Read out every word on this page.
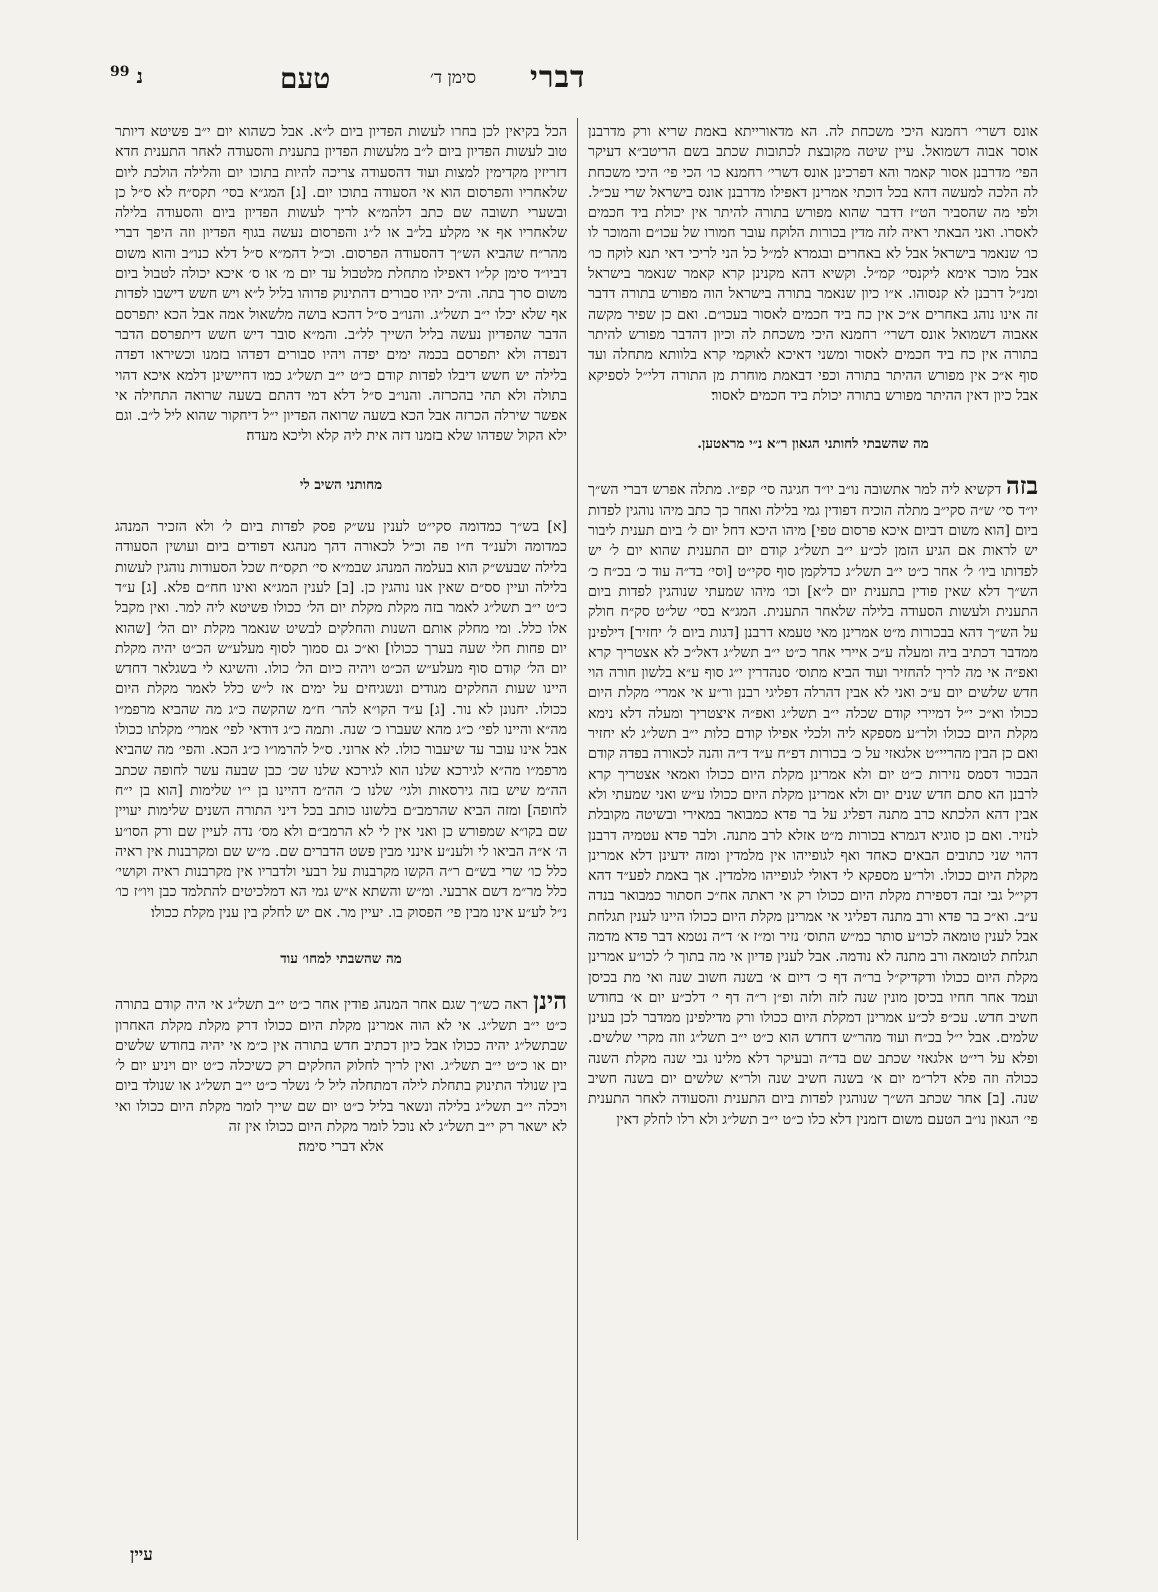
דברי
סימן ד׳
טעם
$^{99}$ נ

אונס דשרי׳ רחמנא היכי משכחת לה. הא מדאורייתא באמת שריא ורק מדרבנן אוסר אבוה דשמואל. עיין שיטה מקובצת לכתובות שכתב בשם הריטב״א דעיקר הפי׳ מדרבנן אסור קאמר והא דפרכינן אונס דשרי׳ רחמנא כו׳ הכי פי׳ היכי משכחת לה הלכה למעשה דהא בכל דוכתי אמרינן דאפילו מדרבנן אונס בישראל שרי עכ״ל. ולפי מה שהסביר הט״ז דדבר שהוא מפורש בתורה להיתר אין יכולת ביד חכמים לאסרו. ואני הבאתי ראיה לזה מדין בכורות הלוקח עובר חמורו של עכו״ם והמוכר לו כו׳ שנאמר בישראל אבל לא באחרים ובגמרא למ״ל כל הני לריכי דאי תנא לוקח כו׳ אבל מוכר אימא ליקנסי׳ קמ״ל. וקשיא דהא מקנינן קרא קאמר שנאמר בישראל ומנ״ל דרבנן לא קנסוהו. א״ו כיון שנאמר בתורה בישראל הוה מפורש בתורה דדבר זה אינו נוהג באחרים א״כ אין כח ביד חכמים לאסור בעכו״ם. ואם כן שפיר מקשה אאבוה דשמואל אונס דשרי׳ רחמנא היכי משכחת לה וכיון דהדבר מפורש להיתר בתורה אין כח ביד חכמים לאסור ומשני דאיכא לאוקמי קרא בלוותא מתחלה ועד סוף א״כ אין מפורש ההיתר בתורה וכפי דבאמת מוחרת מן התורה דלי״ל לספיקא אבל כיון דאין ההיתר מפורש בתורה יכולת ביד חכמים לאסור׃

מה שהשבתי לחותני הגאון ר״א נ״י מראטען.

בזה דקשיא ליה למר אתשובה נו״ב יו״ד חגיגה סי׳ קפ״ו. מתלה אפרש דברי הש״ך יו״ד סי׳ ש״ה סקי״ב מתלה הוכיח דפודין גמי בלילה ואחר כך כתב מיהו נוהגין לפדות ביום [הוא משום דביום איכא פרסום טפי] מיהו היכא דחל יום ל׳ ביום תענית ליבור יש לראות אם הגיע הזמן לכ״ע י״ב תשל״ג קודם יום התענית שהוא יום ל׳ יש לפדותו ביו׳ ל׳ אחר כ״ט י״ב תשל״ג כדלקמן סוף סקי״ט [וסי׳ בד״ה עוד כ׳ בכ״ח כ׳ הש״ך דלא שאין פודין בתענית יום ל״א] וכו׳ מיהו שמעתי שנוהגין לפדות ביום התענית ולעשות הסעודה בלילה שלאחר התענית. המג״א בסי׳ של״ט סק״ח חולק על הש״ך דהא בבכורות מ״ט אמרינן מאי טעמא דרבנן [דגות ביום ל׳ יחזיר] דילפינן ממדבר דכתיב ביה ומעלה ע״כ איירי אחר כ״ט י״ב תשל״ג דאל״כ לא אצטריך קרא ואפ״ה אי מה לריך להחזיר ועוד הביא מתוס׳ סנהדרין י״ג סוף ע״א בלשון חורה הוי חדש שלשים יום ע״כ ואני לא אבין דהרלה דפליגי רבנן ור״ע אי אמרי׳ מקלת היום ככולו וא״כ י״ל דמיירי קודם שכלה י״ב תשל״ג ואפ״ה איצטריך ומעלה דלא נימא מקלת היום ככולו ולר״ע מספקא ליה ולכלי אפילו קודם כלות י״ב תשל״ג לא יחזיר ואם כן הבין מהריי״ט אלגאזי על כ׳ בכורות דפ״ח ע״ד ד״ה והנה לכאורה בפדה קודם הבכור דסמס נזירות כ״ט יום ולא אמרינן מקלת היום ככולו ואמאי אצטריך קרא לרבנן הא סתם חדש שנים יום ולא אמרינן מקלת היום ככולו ע״ש ואני שמעתי ולא אבין דהא הלכתא כרב מתנה דפליג על בר פדא כמבואר במאירי ובשיטה מקובלת לנזיר. ואם כן סוגיא דגמרא בכורות מ״ט אזלא לרב מתנה. ולבר פדא עטמיה דרבנן דהוי שני כתובים הבאים כאחד ואף לגופייהו אין מלמדין ומזה ידעינן דלא אמרינן מקלת היום ככולו. ולר״ע מספקא לי דאולי לגופייהו מלמדין. אך באמת לפע״ד דהא דקי״ל גבי זבה דספירת מקלת היום ככולו רק אי ראתה אח״כ חסתור כמבואר בנדה ע״ב. וא״כ בר פדא ורב מתנה דפליגי אי אמרינן מקלת היום ככולו היינו לענין תגלחת אבל לענין טומאה לכו״ע סותר כמ״ש התוס׳ נזיר ומ״ז א׳ ד״ה נטמא דבר פדא מדמה תגלחת לטומאה ורב מתנה לא נודמה. אבל לענין פדיון אי מה בתוך ל׳ לכו״ע אמרינן מקלת היום ככולו ודקדיק״ל בר״ה דף כ׳ דיום א׳ בשנה חשוב שנה ואי מת בכיסן ועמד אחר חחיו בכיסן מונין שנה לזה ולזה ופ״ן ר״ה דף י׳ דלכ״ע יום א׳ בחודש חשיב חדש. עכ״פ לכ״ע אמרינן דמקלת היום ככולו ורק מדילפינן ממדבר לכן בעינן שלמים. אבל י״ל בכ״ח ועוד מהר״ש דחדש הוא כ״ט י״ב תשל״ג וזה מקרי שלשים. ופלא על רי״ט אלגאזי שכתב שם בד״ה ובעיקר דלא מלינו גבי שנה מקלת השנה ככולה וזה פלא דלר״מ יום א׳ בשנה חשיב שנה ולר״א שלשים יום בשנה חשיב שנה. [ב] אחר שכתב הש״ך שנוהגין לפדות ביום התענית והסעודה לאחר התענית פי׳ הגאון נו״ב הטעם משום דזמנין דלא כלו כ״ט י״ב תשל״ג ולא רלו לחלק דאין

הכל בקיאין לכן בחרו לעשות הפדיון ביום ל״א. אבל כשהוא יום י״ב פשיטא דיותר טוב לעשות הפדיון ביום ל״ב מלעשות הפדיון בתענית והסעודה לאחר התענית חדא דזריזין מקדימין למצות ועוד דהסעודה צריכה להיות בתוכו יום והלילה הולכת ליום שלאחריו והפרסום הוא אי הסעודה בתוכו יום. [ג] המג״א בסי׳ תקס״ח לא ס״ל כן ובשערי תשובה שם כתב דלהמ״א לריך לעשות הפדיון ביום והסעודה בלילה שלאחריו אף אי מקלע בל״ב או ל״ג והפרסום נעשה בגוף הפדיון וזה היפך דברי מהר״ח שהביא הש״ך דהסעודה הפרסום. וכ״ל דהמ״א ס״ל דלא כנו״ב והוא משום דביו״ד סימן קל״ו דאפילו מתחלת מלטבול עד יום מ׳ או ס׳ איכא יכולה לטבול ביום משום סרך בתה. וה״כ יהיו סבורים דהתינוק פדוהו בליל ל״א ויש חשש דישבו לפדות אף שלא יכלו י״ב תשל״ג. והנו״ב ס״ל דהכא בושה מלשאול אמה אבל הכא יתפרסם הדבר שהפדיון נעשה בליל השייך לל״ב. והמ״א סובר דיש חשש דיתפרסם הדבר דנפדה ולא יתפרסם בכמה ימים יפדה ויהיו סבורים דפדהו בזמנו וכשיראו דפדה בלילה יש חשש דיבלו לפדות קודם כ״ט י״ב תשל״ג כמו דחיישינן דלמא איכא דהוי בתולה ולא תהי בהכרזה. והנו״ב ס״ל דלא דמי דהתם בשעה שרואה התחילה אי אפשר שירלה הכרזה אבל הכא בשעה שרואה הפדיון י״ל דיחקור שהוא ליל ל״ב. וגם ילא הקול שפדהו שלא בזמנו דזה אית ליה קלא וליכא מעדה׃

מחותני השיב לי

[א] בש״ך כמדומה סקי״ט לענין עש״ק פסק לפדות ביום ל׳ ולא הזכיר המנהג כמדומה ולענ״ד ח״ו פה וכ״ל לכאורה דהך מנהגא דפודים ביום ועושין הסעודה בלילה שבעש״ק הוא בעלמה המנהג שבמ״א סי׳ תקס״ח שכל הסעודות נוהגין לעשות בלילה ועיין סס״ם שאין אנו נוהגין כן. [ב] לענין המג״א ואינו חח״ם פלא. [ג] ע״ד כ״ט י״ב תשל״ג לאמר בזה מקלת מקלת יום הל׳ ככולו פשיטא ליה למר. ואין מקבל אלו כלל. ומי מחלק אותם השנות והחלקים לבשיט שנאמר מקלת יום הל׳ [שהוא יום פחות חלי שעה בערך ככולו] וא״כ גם סמוך לסוף מעלע״ש הכ״ט יהיה מקלת יום הל׳ קודם סוף מעלע״ש הכ״ט ויהיה כיום הל׳ כולו. והשיגא לי בשגלאר דחדש היינו שעות החלקים מגודים ונשגיחים על ימים אז ל״ש כלל לאמר מקלת היום ככולו. יחנונן לא נור. [ג] ע״ד הקו״א להר׳ ח״מ שהקשה כ״ג מה שהביא מרפמ״ו מה״א והיינו לפי׳ כ״ג מהא שעברו כ׳ שנה. ותמה כ״ג דודאי לפי׳ אמרי׳ מקלתו ככולו אבל אינו עובר עד שיעבור כולו. לא ארוני. ס״ל להרמו״ו כ״ג הכא. והפי׳ מה שהביא מרפמ״ו מה״א לגירכא שלנו הוא לגירכא שלנו שכ׳ כבן שבעה עשר לחופה שכתב הה״מ שיש בזה גירסאות ולגי׳ שלנו כ׳ הה״מ דהיינו בן י״ו שלימות [הוא בן י״ח לחופה] ומזה הביא שהרמב״ם בלשונו כותב בכל דיני התורה השנים שלימות יעויין שם בקו״א שמפורש כן ואני אין לי לא הרמב״ם ולא מס׳ נדה לעיין שם ורק הסו״ע ה׳ א״ה הביאו לי ולענ״ע אינני מבין פשט הדברים שם. מ״ש שם ומקרבנות אין ראיה כלל כו׳ שרי בש״ם ר״ה הקשו מקרבנות על רבעי ולדבריו אין מקרבנות ראיה וקושי׳ כלל מר״מ דשם ארבעי. ומ״ש והשתא א״ש גמי הא דמלכיטים להתלמד כבן ויו״ז כו׳ נ״ל לע״ע אינו מבין פי׳ הפסוק בו. יעיין מר. אם יש לחלק בין ענין מקלת ככולו׃

מה שהשבתי למחו׳ עוד

הינן ראה כש״ך שגם אחר המנהג פודין אחר כ״ט י״ב תשל״ג אי היה קודם בתורה כ״ט י״ב תשל״ג. אי לא הוה אמרינן מקלת היום ככולו דרק מקלת מקלת האחרון שבתשל״ג יהיה ככולו אבל כיון דכתיב חדש בתורה אין כ״מ אי יהיה בחודש שלשים יום או כ״ט י״ב תשל״ג. ואין לריך לחלוק החלקים רק כשיכלה כ״ט יום ויניע יום ל׳ בין שנולד התינוק בתחלת לילה דמתחלה ליל ל׳ נשלר כ״ט י״ב תשל״ג או שנולד ביום ויכלה י״ב תשל״ג בלילה ונשאר בליל כ״ט יום שם שייך לומר מקלת היום ככולו ואי לא ישאר רק י״ב תשל״ג לא נוכל לומר מקלת היום ככולו אין זה

אלא דברי סימה׃

עיין
